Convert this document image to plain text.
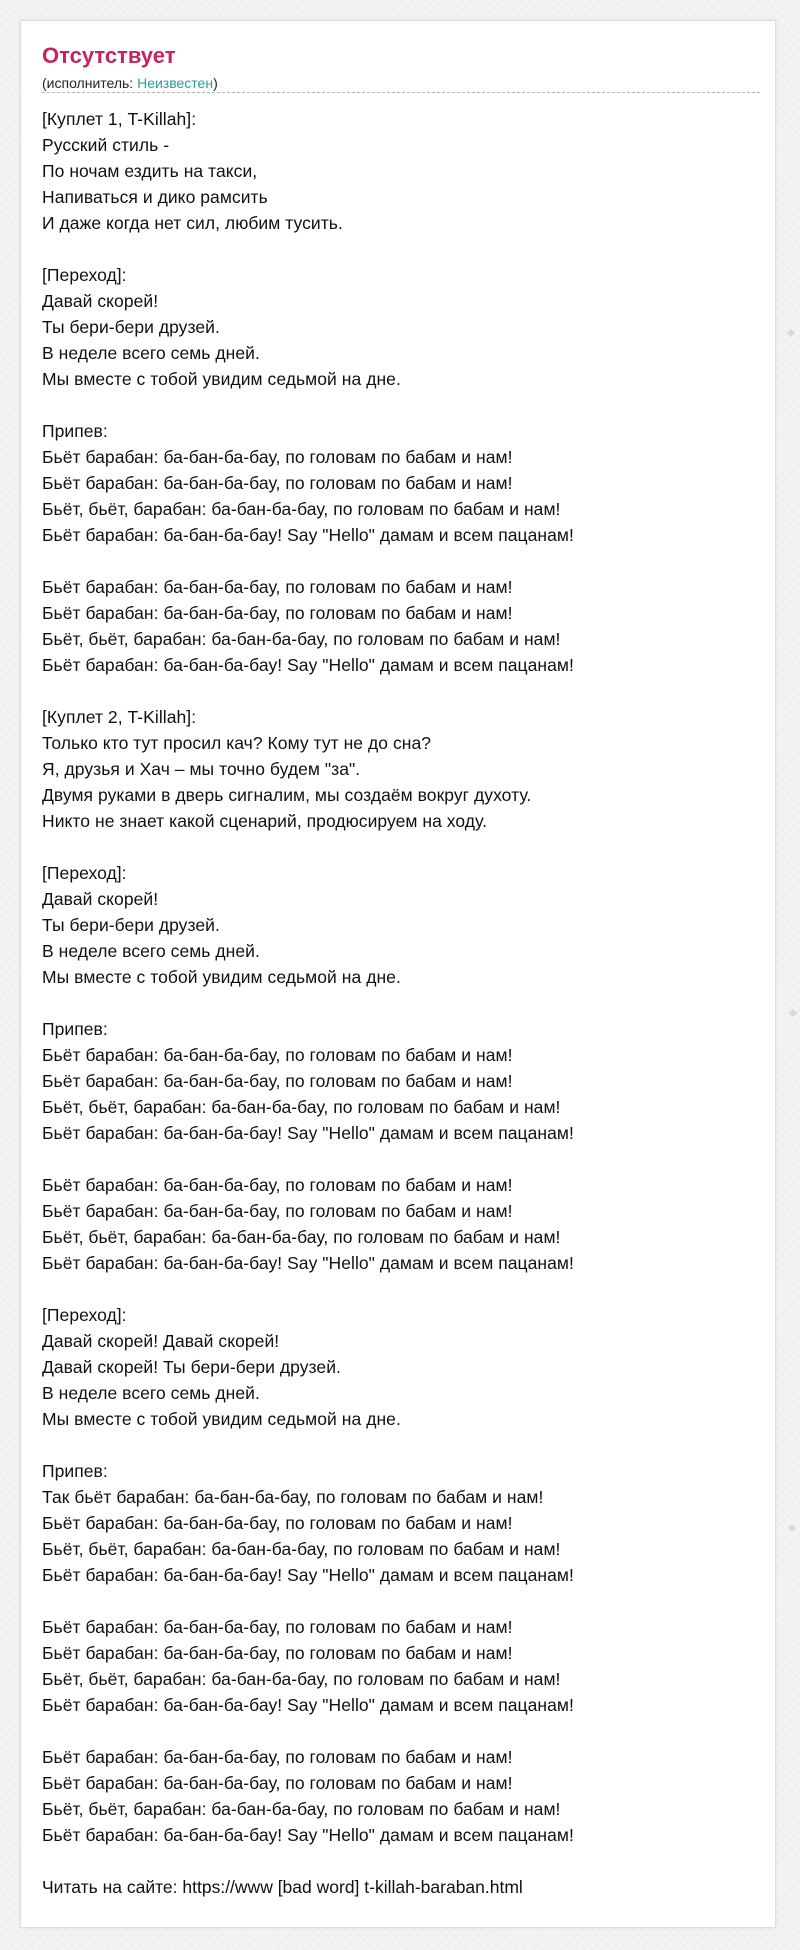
Отсутствует
(исполнитель: Неизвестен)
[Куплет 1, T-Killah]:
Русский стиль -
По ночам ездить на такси,
Напиваться и дико рамсить
И даже когда нет сил, любим тусить.
[Переход]:
Давай скорей!
Ты бери-бери друзей.
В неделе всего семь дней.
Мы вместе с тобой увидим седьмой на дне.
Припев:
Бьёт барабан: ба-бан-ба-бау, по головам по бабам и нам!
Бьёт барабан: ба-бан-ба-бау, по головам по бабам и нам!
Бьёт, бьёт, барабан: ба-бан-ба-бау, по головам по бабам и нам!
Бьёт барабан: ба-бан-ба-бау! Say "Hello" дамам и всем пацанам!
Бьёт барабан: ба-бан-ба-бау, по головам по бабам и нам!
Бьёт барабан: ба-бан-ба-бау, по головам по бабам и нам!
Бьёт, бьёт, барабан: ба-бан-ба-бау, по головам по бабам и нам!
Бьёт барабан: ба-бан-ба-бау! Say "Hello" дамам и всем пацанам!
[Куплет 2, T-Killah]:
Только кто тут просил кач? Кому тут не до сна?
Я, друзья и Хач – мы точно будем "за".
Двумя руками в дверь сигналим, мы создаём вокруг духоту.
Никто не знает какой сценарий, продюсируем на ходу.
[Переход]:
Давай скорей!
Ты бери-бери друзей.
В неделе всего семь дней.
Мы вместе с тобой увидим седьмой на дне.
Припев:
Бьёт барабан: ба-бан-ба-бау, по головам по бабам и нам!
Бьёт барабан: ба-бан-ба-бау, по головам по бабам и нам!
Бьёт, бьёт, барабан: ба-бан-ба-бау, по головам по бабам и нам!
Бьёт барабан: ба-бан-ба-бау! Say "Hello" дамам и всем пацанам!
Бьёт барабан: ба-бан-ба-бау, по головам по бабам и нам!
Бьёт барабан: ба-бан-ба-бау, по головам по бабам и нам!
Бьёт, бьёт, барабан: ба-бан-ба-бау, по головам по бабам и нам!
Бьёт барабан: ба-бан-ба-бау! Say "Hello" дамам и всем пацанам!
[Переход]:
Давай скорей! Давай скорей!
Давай скорей! Ты бери-бери друзей.
В неделе всего семь дней.
Мы вместе с тобой увидим седьмой на дне.
Припев:
Так бьёт барабан: ба-бан-ба-бау, по головам по бабам и нам!
Бьёт барабан: ба-бан-ба-бау, по головам по бабам и нам!
Бьёт, бьёт, барабан: ба-бан-ба-бау, по головам по бабам и нам!
Бьёт барабан: ба-бан-ба-бау! Say "Hello" дамам и всем пацанам!
Бьёт барабан: ба-бан-ба-бау, по головам по бабам и нам!
Бьёт барабан: ба-бан-ба-бау, по головам по бабам и нам!
Бьёт, бьёт, барабан: ба-бан-ба-бау, по головам по бабам и нам!
Бьёт барабан: ба-бан-ба-бау! Say "Hello" дамам и всем пацанам!
Бьёт барабан: ба-бан-ба-бау, по головам по бабам и нам!
Бьёт барабан: ба-бан-ба-бау, по головам по бабам и нам!
Бьёт, бьёт, барабан: ба-бан-ба-бау, по головам по бабам и нам!
Бьёт барабан: ба-бан-ба-бау! Say "Hello" дамам и всем пацанам!
Читать на сайте: https://www [bad word] t-killah-baraban.html
